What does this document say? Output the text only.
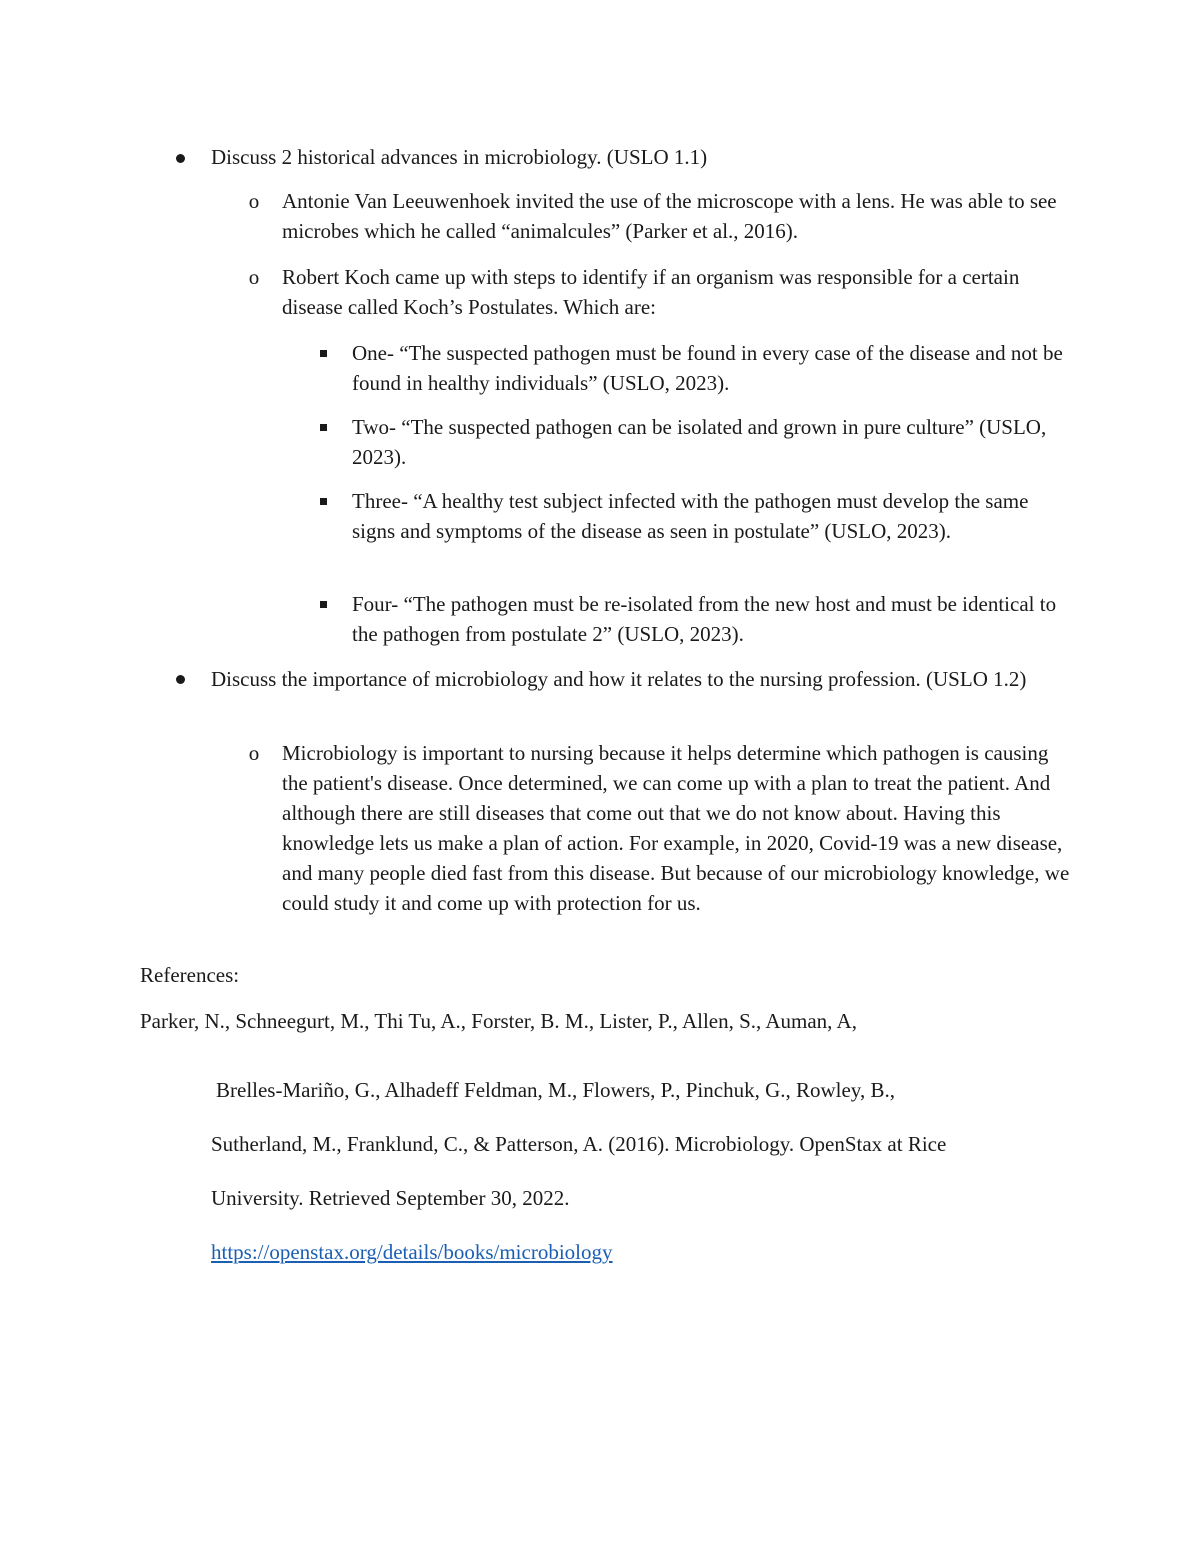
Discuss 2 historical advances in microbiology. (USLO 1.1)
o Antonie Van Leeuwenhoek invited the use of the microscope with a lens. He was able to see microbes which he called “animalcules” (Parker et al., 2016).
o Robert Koch came up with steps to identify if an organism was responsible for a certain disease called Koch’s Postulates. Which are:
One- “The suspected pathogen must be found in every case of the disease and not be found in healthy individuals” (USLO, 2023).
Two- “The suspected pathogen can be isolated and grown in pure culture” (USLO, 2023).
Three- “A healthy test subject infected with the pathogen must develop the same signs and symptoms of the disease as seen in postulate” (USLO, 2023).
Four- “The pathogen must be re-isolated from the new host and must be identical to the pathogen from postulate 2” (USLO, 2023).
Discuss the importance of microbiology and how it relates to the nursing profession. (USLO 1.2)
o Microbiology is important to nursing because it helps determine which pathogen is causing the patient's disease. Once determined, we can come up with a plan to treat the patient. And although there are still diseases that come out that we do not know about. Having this knowledge lets us make a plan of action. For example, in 2020, Covid-19 was a new disease, and many people died fast from this disease. But because of our microbiology knowledge, we could study it and come up with protection for us.
References:
Parker, N., Schneegurt, M., Thi Tu, A., Forster, B. M., Lister, P., Allen, S., Auman, A,
Brelles-Mariño, G., Alhadeff Feldman, M., Flowers, P., Pinchuk, G., Rowley, B.,
Sutherland, M., Franklund, C., & Patterson, A. (2016). Microbiology. OpenStax at Rice
University. Retrieved September 30, 2022.
https://openstax.org/details/books/microbiology
